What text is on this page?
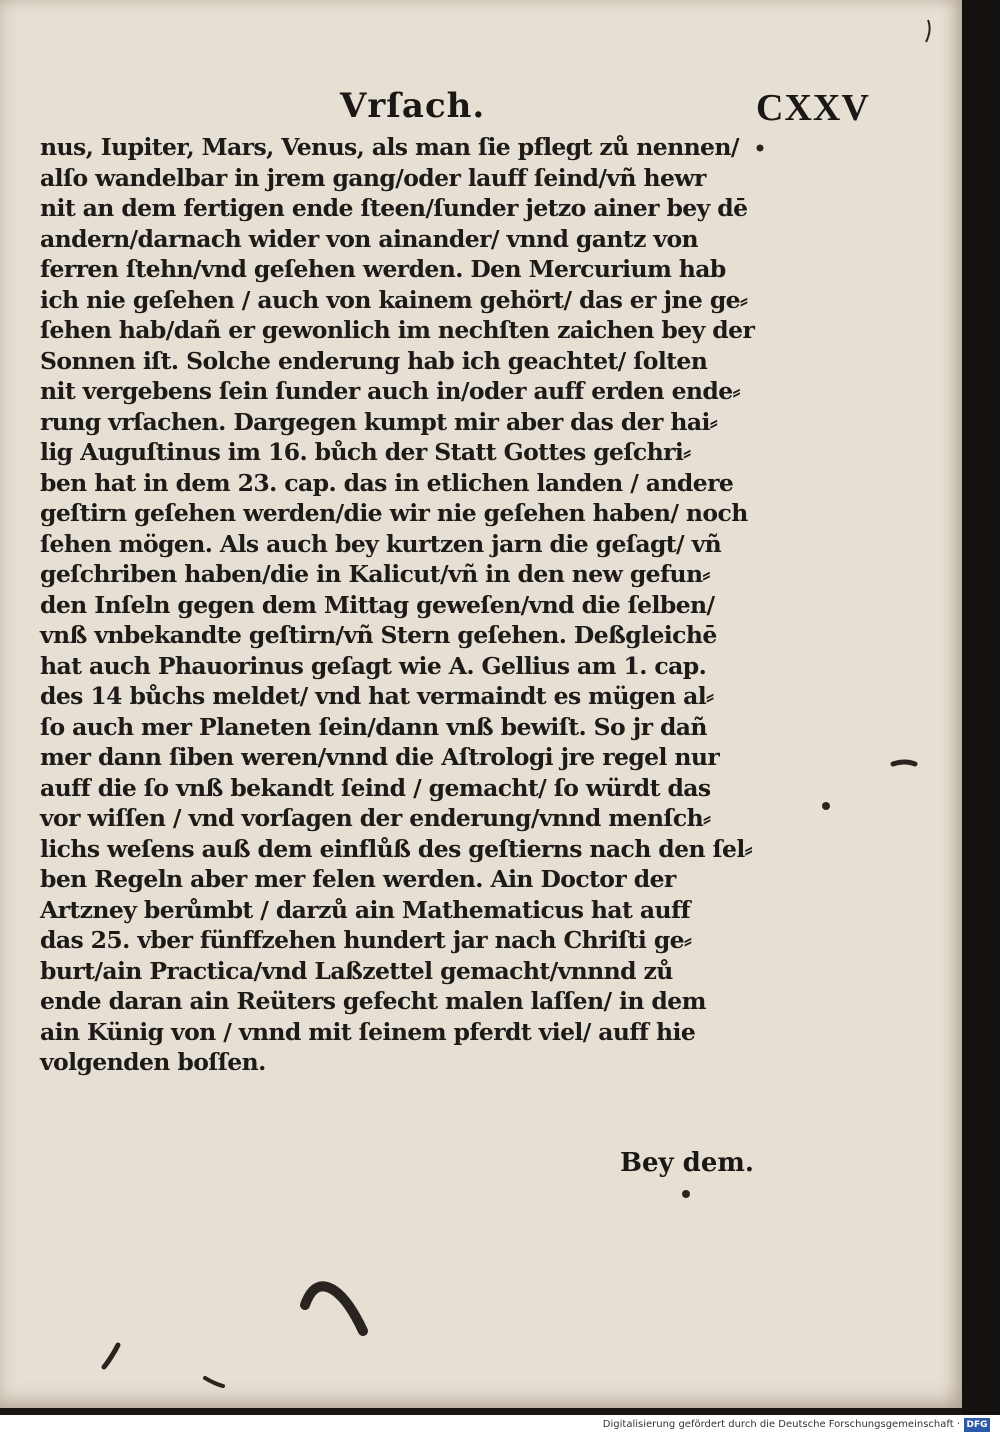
Vrſach.	CXXV
nus, Iupiter, Mars, Venus, als man ſie pflegt zů nennen/
alſo wandelbar in jrem gang/oder lauff ſeind/vñ hewr
nit an dem fertigen ende ſteen/ſunder jetzo ainer bey dē
andern/darnach wider von ainander/ vnnd gantz von
ferren ſtehn/vnd geſehen werden. Den Mercurium hab
ich nie geſehen / auch von kainem gehört/ das er jne ge⸗
ſehen hab/dañ er gewonlich im nechſten zaichen bey der
Sonnen iſt. Solche enderung hab ich geachtet/ ſolten
nit vergebens ſein ſunder auch in/oder auff erden ende⸗
rung vrſachen. Dargegen kumpt mir aber das der hai⸗
lig Auguſtinus im 16. bůch der Statt Gottes geſchri⸗
ben hat in dem 23. cap. das in etlichen landen / andere
geſtirn geſehen werden/die wir nie geſehen haben/ noch
ſehen mögen. Als auch bey kurtzen jarn die geſagt/ vñ
geſchriben haben/die in Kalicut/vñ in den new gefun⸗
den Inſeln gegen dem Mittag geweſen/vnd die ſelben/
vnß vnbekandte geſtirn/vñ Stern geſehen. Deßgleichē
hat auch Phauorinus geſagt wie A. Gellius am 1. cap.
des 14 bůchs meldet/ vnd hat vermaindt es mügen al⸗
ſo auch mer Planeten ſein/dann vnß bewiſt. So jr dañ
mer dann ſiben weren/vnnd die Aſtrologi jre regel nur
auff die ſo vnß bekandt ſeind / gemacht/ ſo würdt das
vor wiſſen / vnd vorſagen der enderung/vnnd menſch⸗
lichs weſens auß dem einflůß des geſtierns nach den ſel⸗
ben Regeln aber mer felen werden. Ain Doctor der
Artzney berůmbt / darzů ain Mathematicus hat auff
das 25. vber fünffzehen hundert jar nach Chriſti ge⸗
burt/ain Practica/vnd Laßzettel gemacht/vnnnd zů
ende daran ain Reüters gefecht malen laſſen/ in dem
ain Künig von / vnnd mit ſeinem pferdt viel/ auff hie
volgenden boſſen.
Bey dem.
Digitalisierung gefördert durch die Deutsche Forschungsgemeinschaft · DFG
